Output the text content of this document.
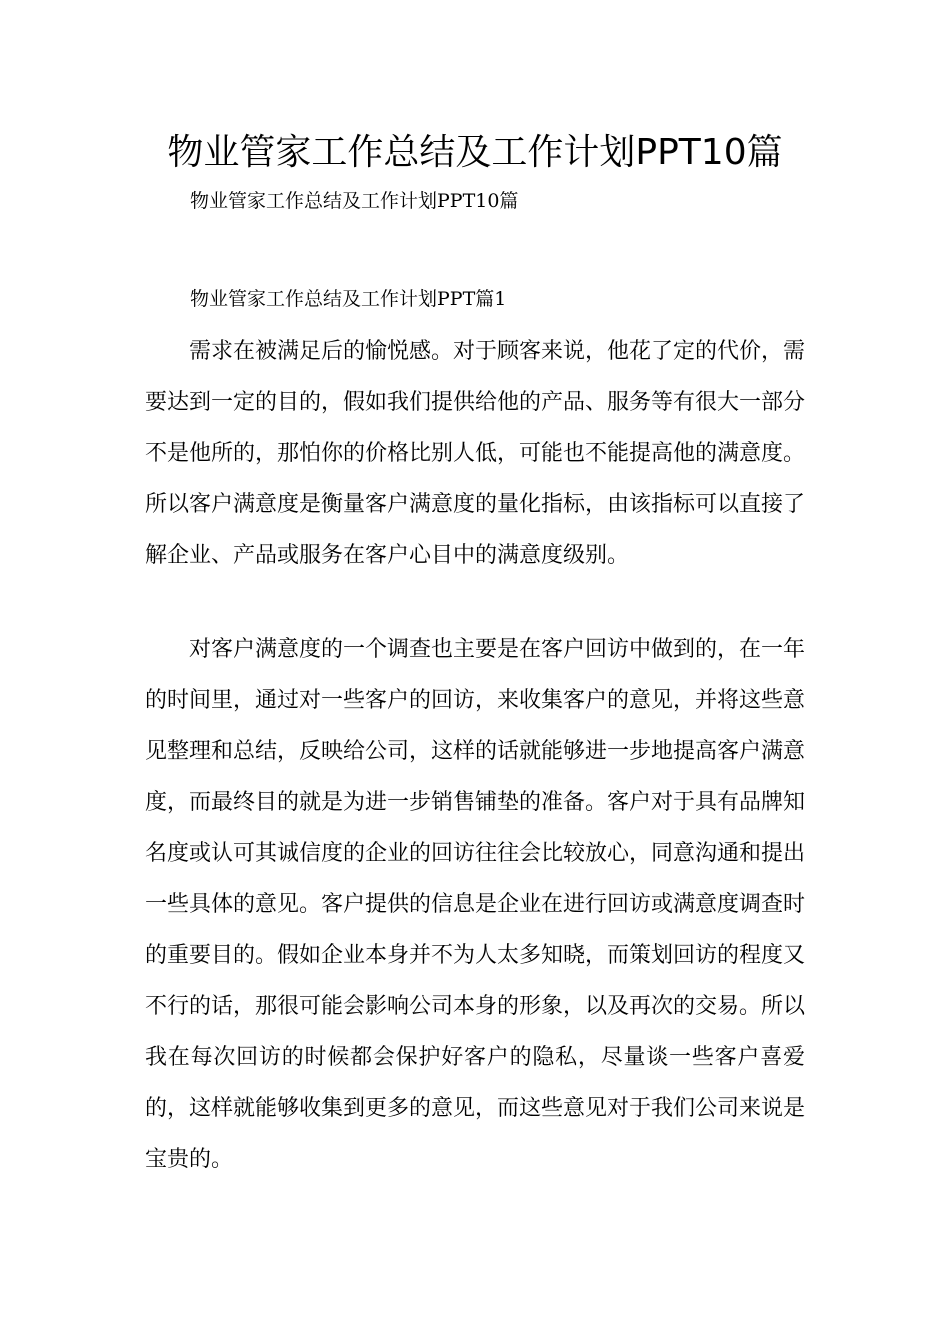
物业管家工作总结及工作计划PPT10篇
物业管家工作总结及工作计划PPT10篇
物业管家工作总结及工作计划PPT篇1

需求在被满足后的愉悦感。对于顾客来说，他花了定的代价，需要达到一定的目的，假如我们提供给他的产品、服务等有很大一部分不是他所的，那怕你的价格比别人低，可能也不能提高他的满意度。所以客户满意度是衡量客户满意度的量化指标，由该指标可以直接了解企业、产品或服务在客户心目中的满意度级别。

对客户满意度的一个调查也主要是在客户回访中做到的，在一年的时间里，通过对一些客户的回访，来收集客户的意见，并将这些意见整理和总结，反映给公司，这样的话就能够进一步地提高客户满意度，而最终目的就是为进一步销售铺垫的准备。客户对于具有品牌知名度或认可其诚信度的企业的回访往往会比较放心，同意沟通和提出一些具体的意见。客户提供的信息是企业在进行回访或满意度调查时的重要目的。假如企业本身并不为人太多知晓，而策划回访的程度又不行的话，那很可能会影响公司本身的形象，以及再次的交易。所以我在每次回访的时候都会保护好客户的隐私，尽量谈一些客户喜爱的，这样就能够收集到更多的意见，而这些意见对于我们公司来说是宝贵的。
